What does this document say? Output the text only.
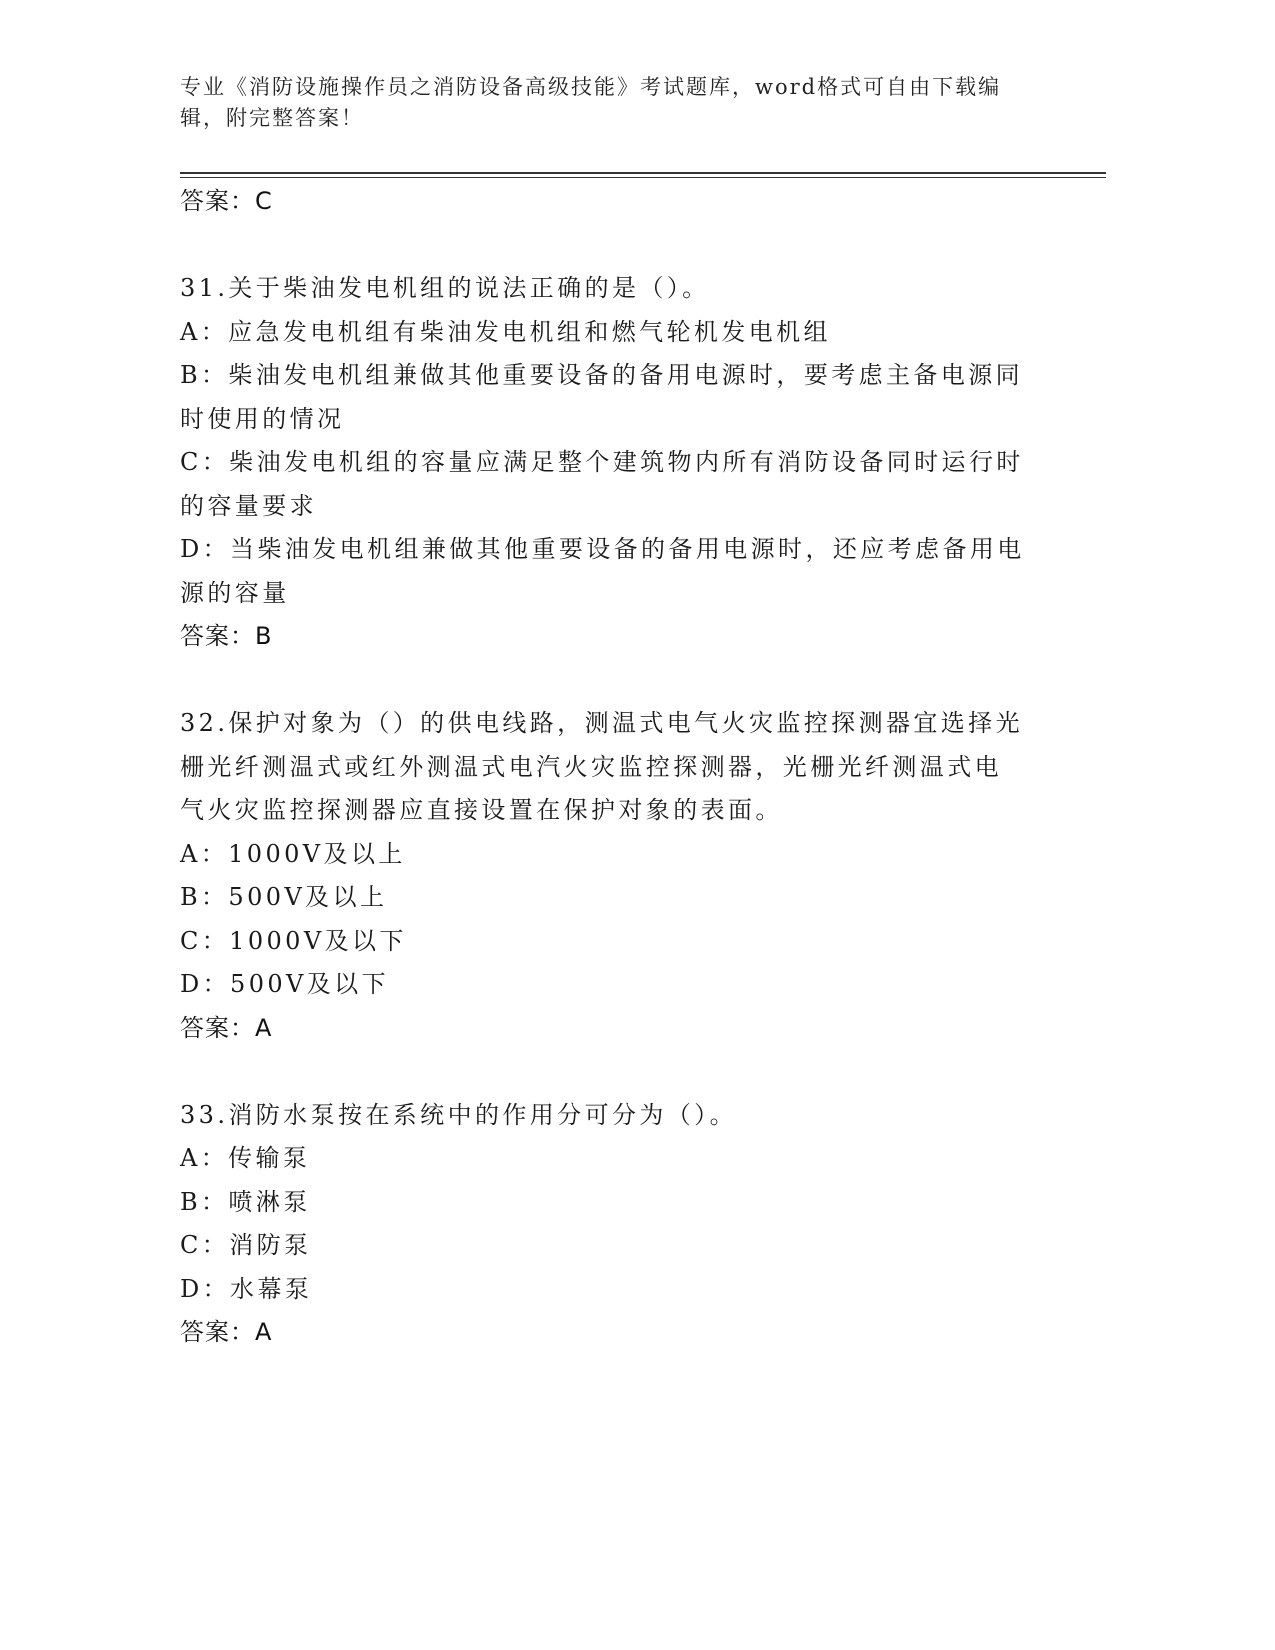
专业《消防设施操作员之消防设备高级技能》考试题库，word格式可自由下载编辑，附完整答案！

答案：C

31.关于柴油发电机组的说法正确的是（）。

A：应急发电机组有柴油发电机组和燃气轮机发电机组

B：柴油发电机组兼做其他重要设备的备用电源时，要考虑主备电源同

时使用的情况

C：柴油发电机组的容量应满足整个建筑物内所有消防设备同时运行时

的容量要求

D：当柴油发电机组兼做其他重要设备的备用电源时，还应考虑备用电

源的容量

答案：B

32.保护对象为（）的供电线路，测温式电气火灾监控探测器宜选择光

栅光纤测温式或红外测温式电汽火灾监控探测器，光栅光纤测温式电

气火灾监控探测器应直接设置在保护对象的表面。

A：1000V及以上

B：500V及以上

C：1000V及以下

D：500V及以下

答案：A

33.消防水泵按在系统中的作用分可分为（）。

A：传输泵

B：喷淋泵

C：消防泵

D：水幕泵

答案：A
